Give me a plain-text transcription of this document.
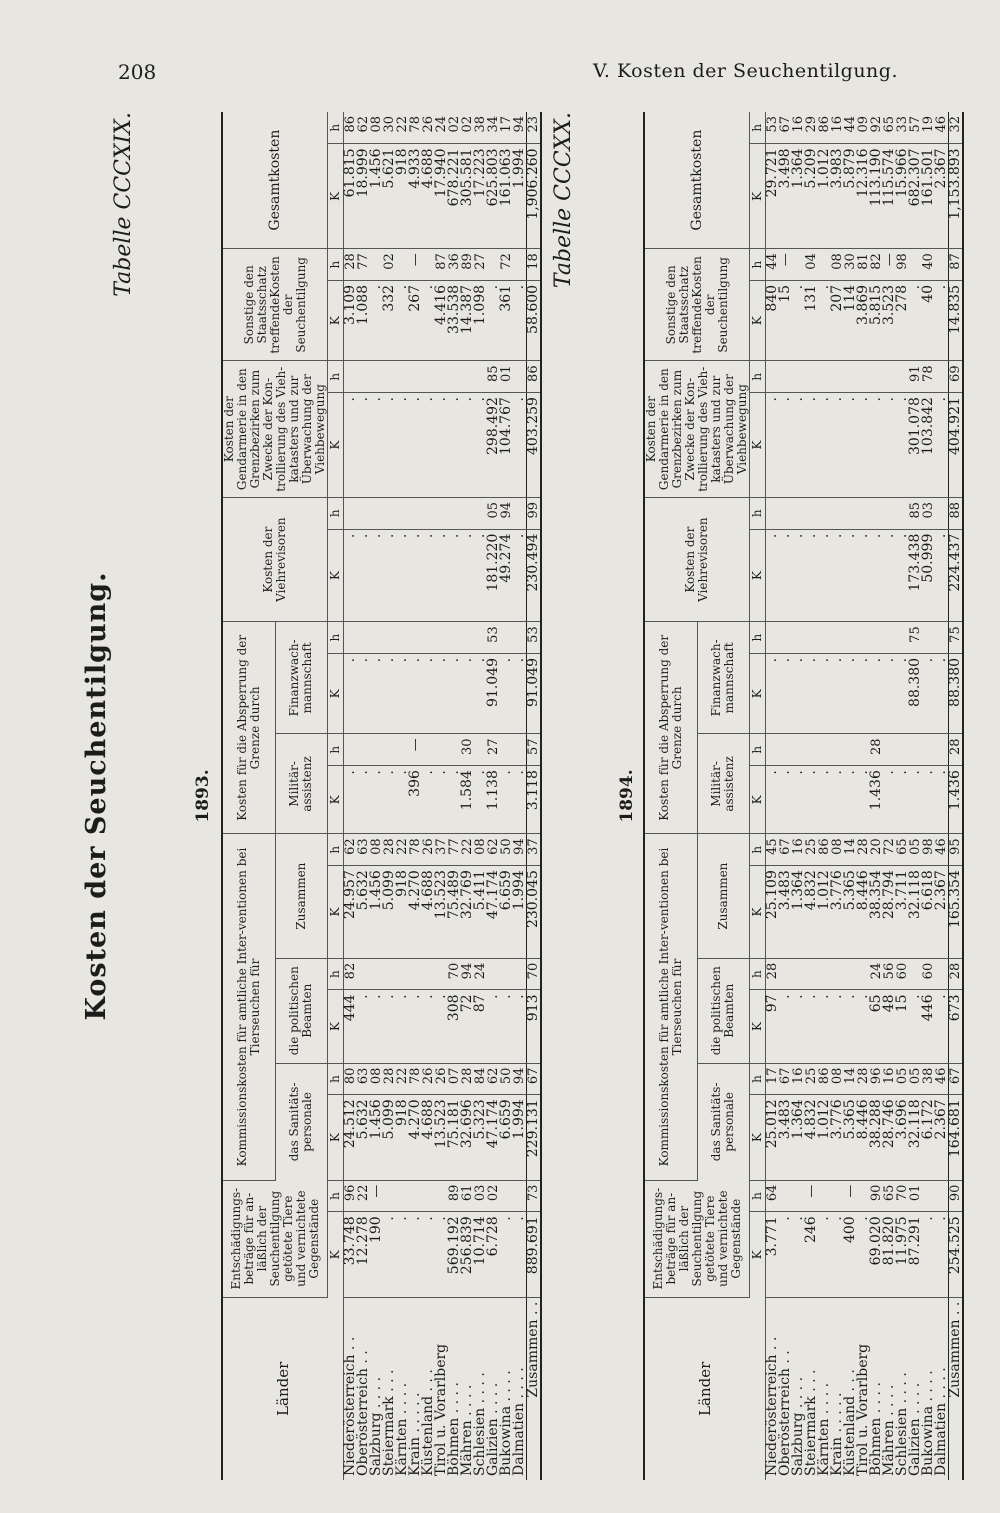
208	V. Kosten der Seuchentilgung.
Kosten der Seuchentilgung.
Tabelle CCCXIX.
1893.
Länder	Entschädigungs-beträge für an-läßlich der Seuchentilgung getötete Tiere und vernichtete Gegenstände		Kommissionskosten für amtliche Inter-ventionen bei Tierseuchen für						Kosten für die Absperrung der Grenze durch				Kosten der Viehrevisoren		Kosten der Gendarmerie in den Grenzbezirken zum Zwecke der Kon-trollierung des Vieh-katasters und zur Überwachung der Viehbewegung		Sonstige den Staatsschatz treffendeKosten der Seuchentilgung		Gesamtkosten	
			das Sanitäts-personale		die politischen Beamten		Zusammen		Militär-assistenz		Finanzwach-mannschaft									
	K	h	K	h	K	h	K	h	K	h	K	h	K	h	K	h	K	h	K	h
Niederösterreich . .	33.748	96	24.512	80	444	82	24.957	62	.		.		.		.		3.109	28	61.815	86
Oberösterreich . .	12.278	22	5.632	63	.		5.632	63	.		.		.		.		1.088	77	18.999	62
Salzburg . . . .	190	—	1.456	08	.		1.456	08	.		.		.		.		.		1.456	08
Steiermark . . .	.		5.099	28	.		5.099	28	.		.		.		.		332	02	5.621	30
Kärnten . . . .	.		918	22	.		918	22	.		.		.		.		.		918	22
Krain . . . . .	.		4.270	78	.		4.270	78	396	—	.		.		.		267	—	4.933	78
Küstenland . . .	.		4.688	26	.		4.688	26	.		.		.		.		.		4.688	26
Tirol u. Vorarlberg	.		13.523	26	.		13.523	37	.		.		.		.		4.416	87	17.940	24
Böhmen . . . .	569.192	89	75.181	07	308	70	75.489	77	.		.		.		.		33.538	36	678.221	02
Mähren . . . .	256.839	61	32.696	28	72	94	32.769	22	1.584	30	.		.		.		14.387	89	305.581	02
Schlesien . . . .	10.714	03	5.323	84	87	24	5.411	08	.		.		.		.		1.098	27	17.223	38
Galizien . . . .	6.728	02	47.174	62	.		47.174	62	1.138	27	91.049	53	181.220	05	298.492	85	.		625.803	34
Bukowina . . . .	.		6.659	50	.		6.659	50	.		.		49.274	94	104.767	01	361	72	161.063	17
Dalmatien . . . .	.		1.994	94	.		1.994	94	.		.		.		.		.		1.994	94
Zusammen . .	889.691	73	229.131	67	913	70	230.045	37	3.118	57	91.049	53	230.494	99	403.259	86	58.600	18	1,906.260	23 Tabelle CCCXX.
1894.
Länder	Entschädigungs-beträge für an-läßlich der Seuchentilgung getötete Tiere und vernichtete Gegenstände		Kommissionskosten für amtliche Inter-ventionen bei Tierseuchen für						Kosten für die Absperrung der Grenze durch				Kosten der Viehrevisoren		Kosten der Gendarmerie in den Grenzbezirken zum Zwecke der Kon-trollierung des Vieh-katasters und zur Überwachung der Viehbewegung		Sonstige den Staatsschatz treffendeKosten der Seuchentilgung		Gesamtkosten	
			das Sanitäts-personale		die politischen Beamten		Zusammen		Militär-assistenz		Finanzwach-mannschaft									
	K	h	K	h	K	h	K	h	K	h	K	h	K	h	K	h	K	h	K	h
Niederösterreich . .	3.771	64	25.012	17	97	28	25.109	45	.		.		.		.		840	44	29.721	53
Oberösterreich . .	.		3.483	67	.		3.483	67	.		.		.		.		15	—	3.498	67
Salzburg . . . .	.		1.364	16	.		1.364	16	.		.		.		.		.		1.364	16
Steiermark . . .	246	—	4.832	25	.		4.832	25	.		.		.		.		131	04	5.209	29
Kärnten . . . .	.		1.012	86	.		1.012	86	.		.		.		.		.		1.012	86
Krain . . . . .	.		3.776	08	.		3.776	08	.		.		.		.		207	08	3.983	16
Küstenland . . .	400	—	5.365	14	.		5.365	14	.		.		.		.		114	30	5.879	44
Tirol u. Vorarlberg	.		8.446	28	.		8.446	28	.		.		.		.		3.869	81	12.316	09
Böhmen . . . .	69.020	90	38.288	96	65	24	38.354	20	1.436	28	.		.		.		5.815	82	113.190	92
Mähren . . . .	81.820	65	28.746	16	48	56	28.794	72	.		.		.		.		3.523	—	115.574	65
Schlesien . . . .	11.975	70	3.696	05	15	60	3.711	65	.		.		.		.		278	98	15.966	33
Galizien . . . .	87.291	01	32.118	05	.		32.118	05	.		88.380	75	173.438	85	301.078	91	.		682.307	57
Bukowina . . . .	.		6.172	38	446	60	6.618	98	.		.		50.999	03	103.842	78	40	40	161.501	19
Dalmatien . . . .	.		2.367	46	.		2.367	46	.		.		.		.		.		2.367	46
Zusammen . .	254.525	90	164.681	67	673	28	165.354	95	1.436	28	88.380	75	224.437	88	404.921	69	14.835	87	1,153.893	32
